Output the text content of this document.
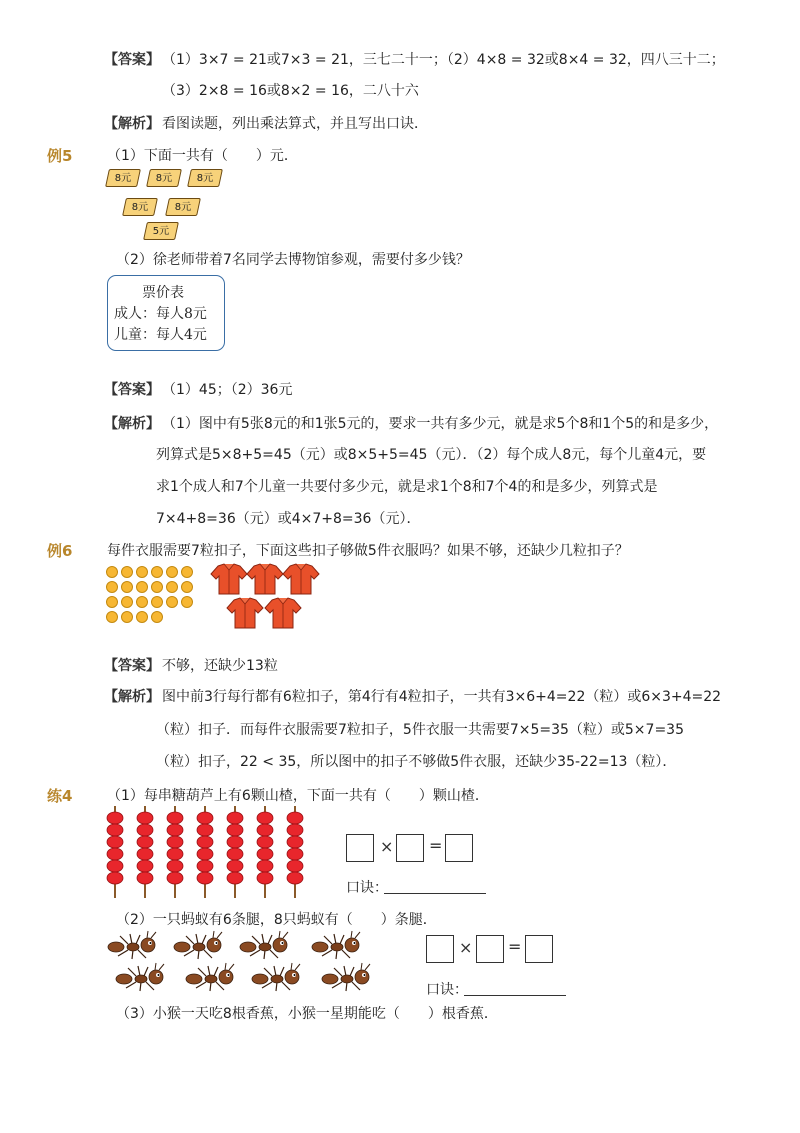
【答案】 （1）3×7 = 21或7×3 = 21，三七二十一；（2）4×8 = 32或8×4 = 32，四八三十二；
（3）2×8 = 16或8×2 = 16，二八十六
【解析】 看图读题，列出乘法算式，并且写出口诀．
例5 （1）下面一共有（　　）元．
8元	8元	8元
8元	8元
5元
（2）徐老师带着7名同学去博物馆参观，需要付多少钱？
票价表
成人：每人8元
儿童：每人4元
【答案】 （1）45；（2）36元
【解析】 （1）图中有5张8元的和1张5元的，要求一共有多少元，就是求5个8和1个5的和是多少，
列算式是5×8+5=45（元）或8×5+5=45（元）．（2）每个成人8元，每个儿童4元，要
求1个成人和7个儿童一共要付多少元，就是求1个8和7个4的和是多少，列算式是
7×4+8=36（元）或4×7+8=36（元）．
例6 每件衣服需要7粒扣子，下面这些扣子够做5件衣服吗？如果不够，还缺少几粒扣子？
【答案】 不够，还缺少13粒
【解析】 图中前3行每行都有6粒扣子，第4行有4粒扣子，一共有3×6+4=22（粒）或6×3+4=22
（粒）扣子．而每件衣服需要7粒扣子，5件衣服一共需要7×5=35（粒）或5×7=35
（粒）扣子，22 < 35，所以图中的扣子不够做5件衣服，还缺少35-22=13（粒）．
练4 （1）每串糖葫芦上有6颗山楂，下面一共有（　　）颗山楂．
× =
口诀：
（2）一只蚂蚁有6条腿，8只蚂蚁有（　　）条腿．
× =
口诀：
（3）小猴一天吃8根香蕉，小猴一星期能吃（　　）根香蕉．
